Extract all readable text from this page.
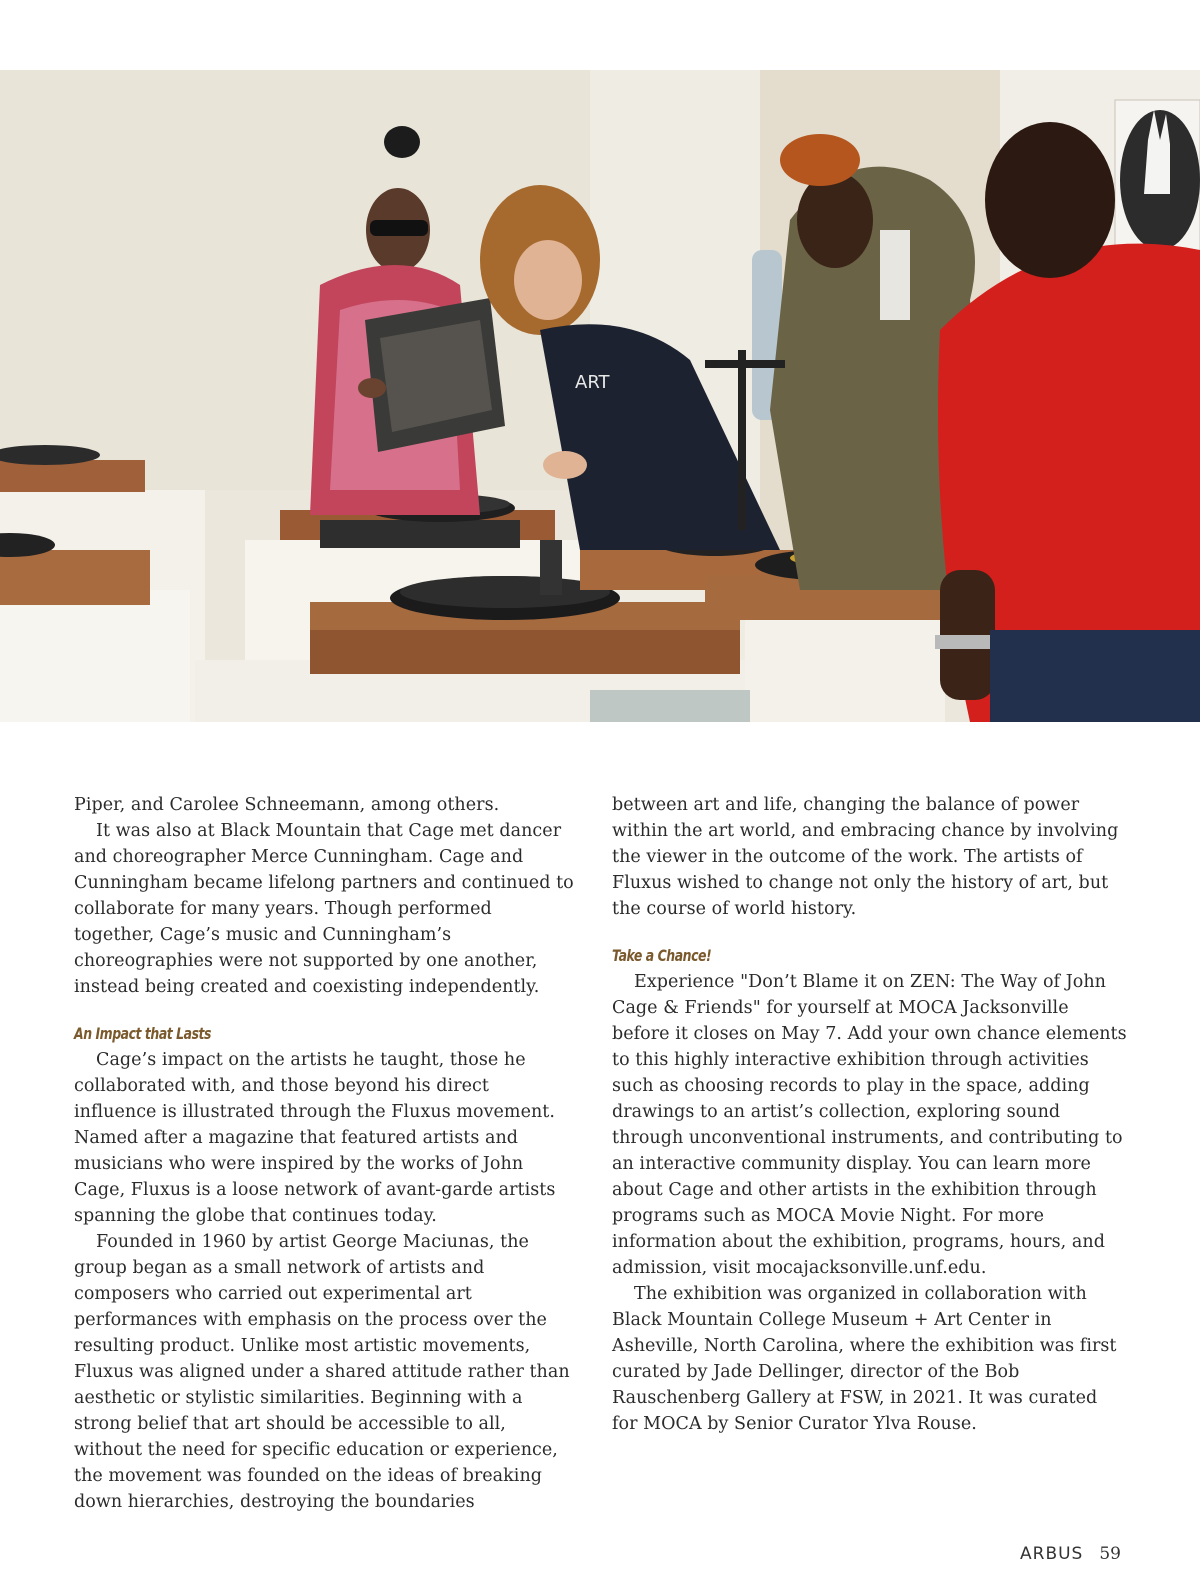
ART

Piper, and Carolee Schneemann, among others.

It was also at Black Mountain that Cage met dancer and choreographer Merce Cunningham. Cage and Cunningham became lifelong partners and continued to collaborate for many years. Though performed together, Cage’s music and Cunningham’s choreographies were not supported by one another, instead being created and coexisting independently.

An Impact that Lasts

Cage’s impact on the artists he taught, those he collaborated with, and those beyond his direct influence is illustrated through the Fluxus movement. Named after a magazine that featured artists and musicians who were inspired by the works of John Cage, Fluxus is a loose network of avant-garde artists spanning the globe that continues today.

Founded in 1960 by artist George Maciunas, the group began as a small network of artists and composers who carried out experimental art performances with emphasis on the process over the resulting product. Unlike most artistic movements, Fluxus was aligned under a shared attitude rather than aesthetic or stylistic similarities. Beginning with a strong belief that art should be accessible to all, without the need for specific education or experience, the movement was founded on the ideas of breaking down hierarchies, destroying the boundaries

between art and life, changing the balance of power within the art world, and embracing chance by involving the viewer in the outcome of the work. The artists of Fluxus wished to change not only the history of art, but the course of world history.

Take a Chance!

Experience "Don’t Blame it on ZEN: The Way of John Cage & Friends" for yourself at MOCA Jacksonville before it closes on May 7. Add your own chance elements to this highly interactive exhibition through activities such as choosing records to play in the space, adding drawings to an artist’s collection, exploring sound through unconventional instruments, and contributing to an interactive community display. You can learn more about Cage and other artists in the exhibition through programs such as MOCA Movie Night. For more information about the exhibition, programs, hours, and admission, visit mocajacksonville.unf.edu.

The exhibition was organized in collaboration with Black Mountain College Museum + Art Center in Asheville, North Carolina, where the exhibition was first curated by Jade Dellinger, director of the Bob Rauschenberg Gallery at FSW, in 2021. It was curated for MOCA by Senior Curator Ylva Rouse.

ARBUS 59
